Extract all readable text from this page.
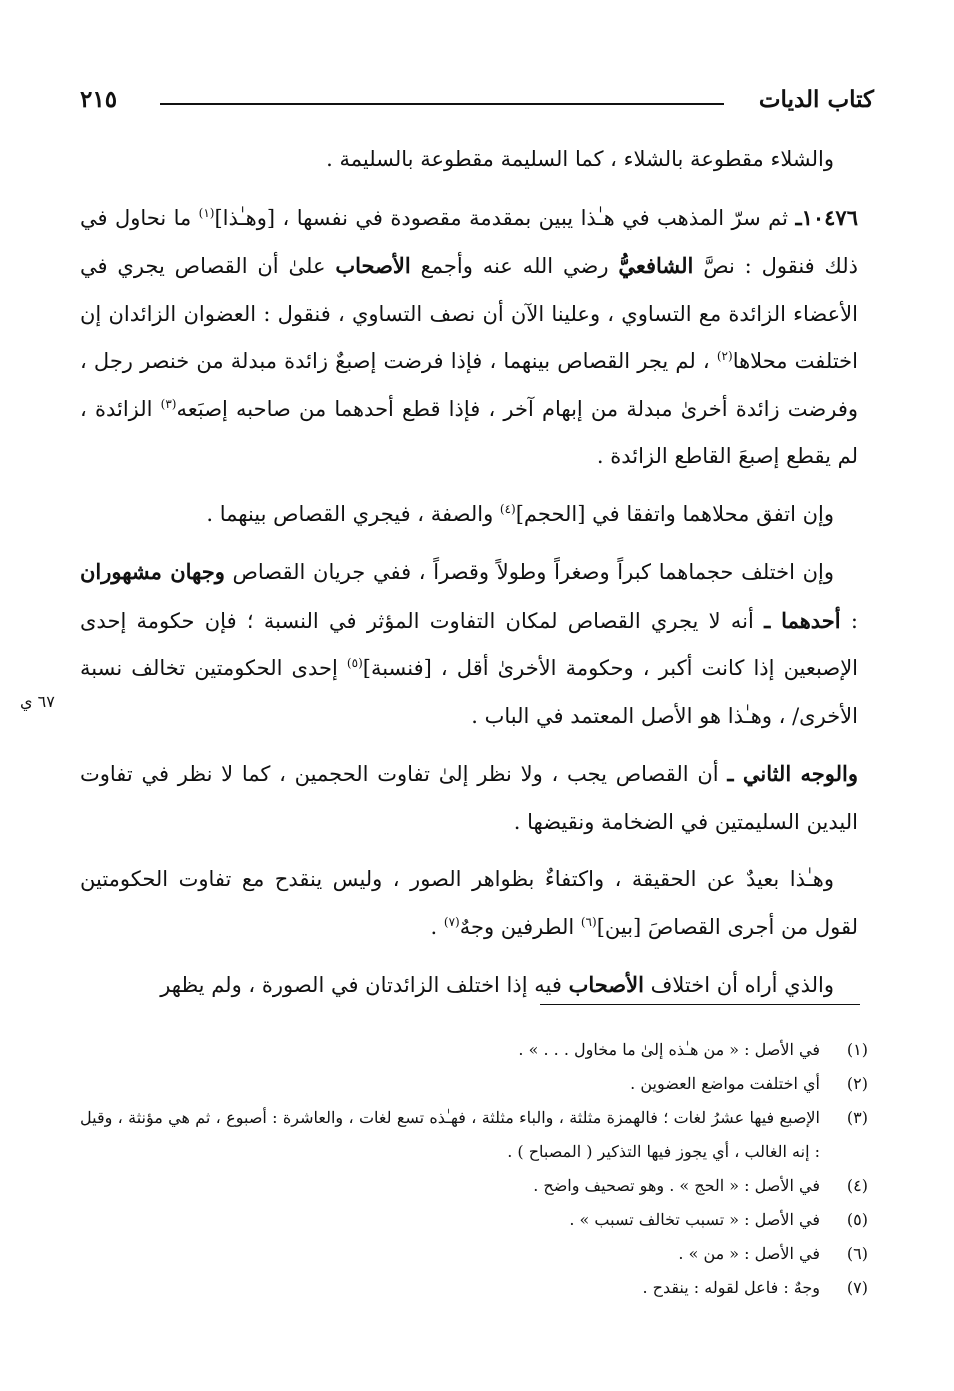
كتاب الديات
٢١٥
٦٧ ي

والشلاء مقطوعة بالشلاء ، كما السليمة مقطوعة بالسليمة .

١٠٤٧٦ـ ثم سرّ المذهب في هـٰذا يبين بمقدمة مقصودة في نفسها ، [وهـٰذا]$^{(١)}$ ما نحاول في ذلك فنقول : نصَّ الشافعيُّ رضي الله عنه وأجمع الأصحاب علىٰ أن القصاص يجري في الأعضاء الزائدة مع التساوي ، وعلينا الآن أن نصف التساوي ، فنقول : العضوان الزائدان إن اختلفت محلاها$^{(٢)}$ ، لم يجر القصاص بينهما ، فإذا فرضت إصبعٌ زائدة مبدلة من خنصر رجل ، وفرضت زائدة أخرىٰ مبدلة من إبهام آخر ، فإذا قطع أحدهما من صاحبه إصبَعه$^{(٣)}$ الزائدة ، لم يقطع إصبعَ القاطع الزائدة .

وإن اتفق محلاهما واتفقا في [الحجم]$^{(٤)}$ والصفة ، فيجري القصاص بينهما .

وإن اختلف حجماهما كبراً وصغراً وطولاً وقصراً ، ففي جريان القصاص وجهان مشهوران : أحدهما ـ أنه لا يجري القصاص لمكان التفاوت المؤثر في النسبة ؛ فإن حكومة إحدى الإصبعين إذا كانت أكبر ، وحكومة الأخرىٰ أقل ، [فنسبة]$^{(٥)}$ إحدى الحكومتين تخالف نسبة الأخرى/ ، وهـٰذا هو الأصل المعتمد في الباب .

والوجه الثاني ـ أن القصاص يجب ، ولا نظر إلىٰ تفاوت الحجمين ، كما لا نظر في تفاوت اليدين السليمتين في الضخامة ونقيضها .

وهـٰذا بعيدٌ عن الحقيقة ، واكتفاءٌ بظواهر الصور ، وليس ينقدح مع تفاوت الحكومتين لقول من أجرى القصاصَ [بين]$^{(٦)}$ الطرفين وجهٌ$^{(٧)}$ .

والذي أراه أن اختلاف الأصحاب فيه إذا اختلف الزائدتان في الصورة ، ولم يظهر

(١)
في الأصل : « من هـٰذه إلىٰ ما مخاول . . . » .
(٢)
أي اختلفت مواضع العضوين .
(٣)
الإصبع فيها عشرُ لغات ؛ فالهمزة مثلثة ، والباء مثلثة ، فهـٰذه تسع لغات ، والعاشرة : أصبوع ، ثم هي مؤنثة ، وقيل : إنه الغالب ، أي يجوز فيها التذكير ( المصباح ) .
(٤)
في الأصل : « الحج » . وهو تصحيف واضح .
(٥)
في الأصل : « تسبب تخالف تسبب » .
(٦)
في الأصل : « من » .
(٧)
وجهٌ : فاعل لقوله : ينقدح .
